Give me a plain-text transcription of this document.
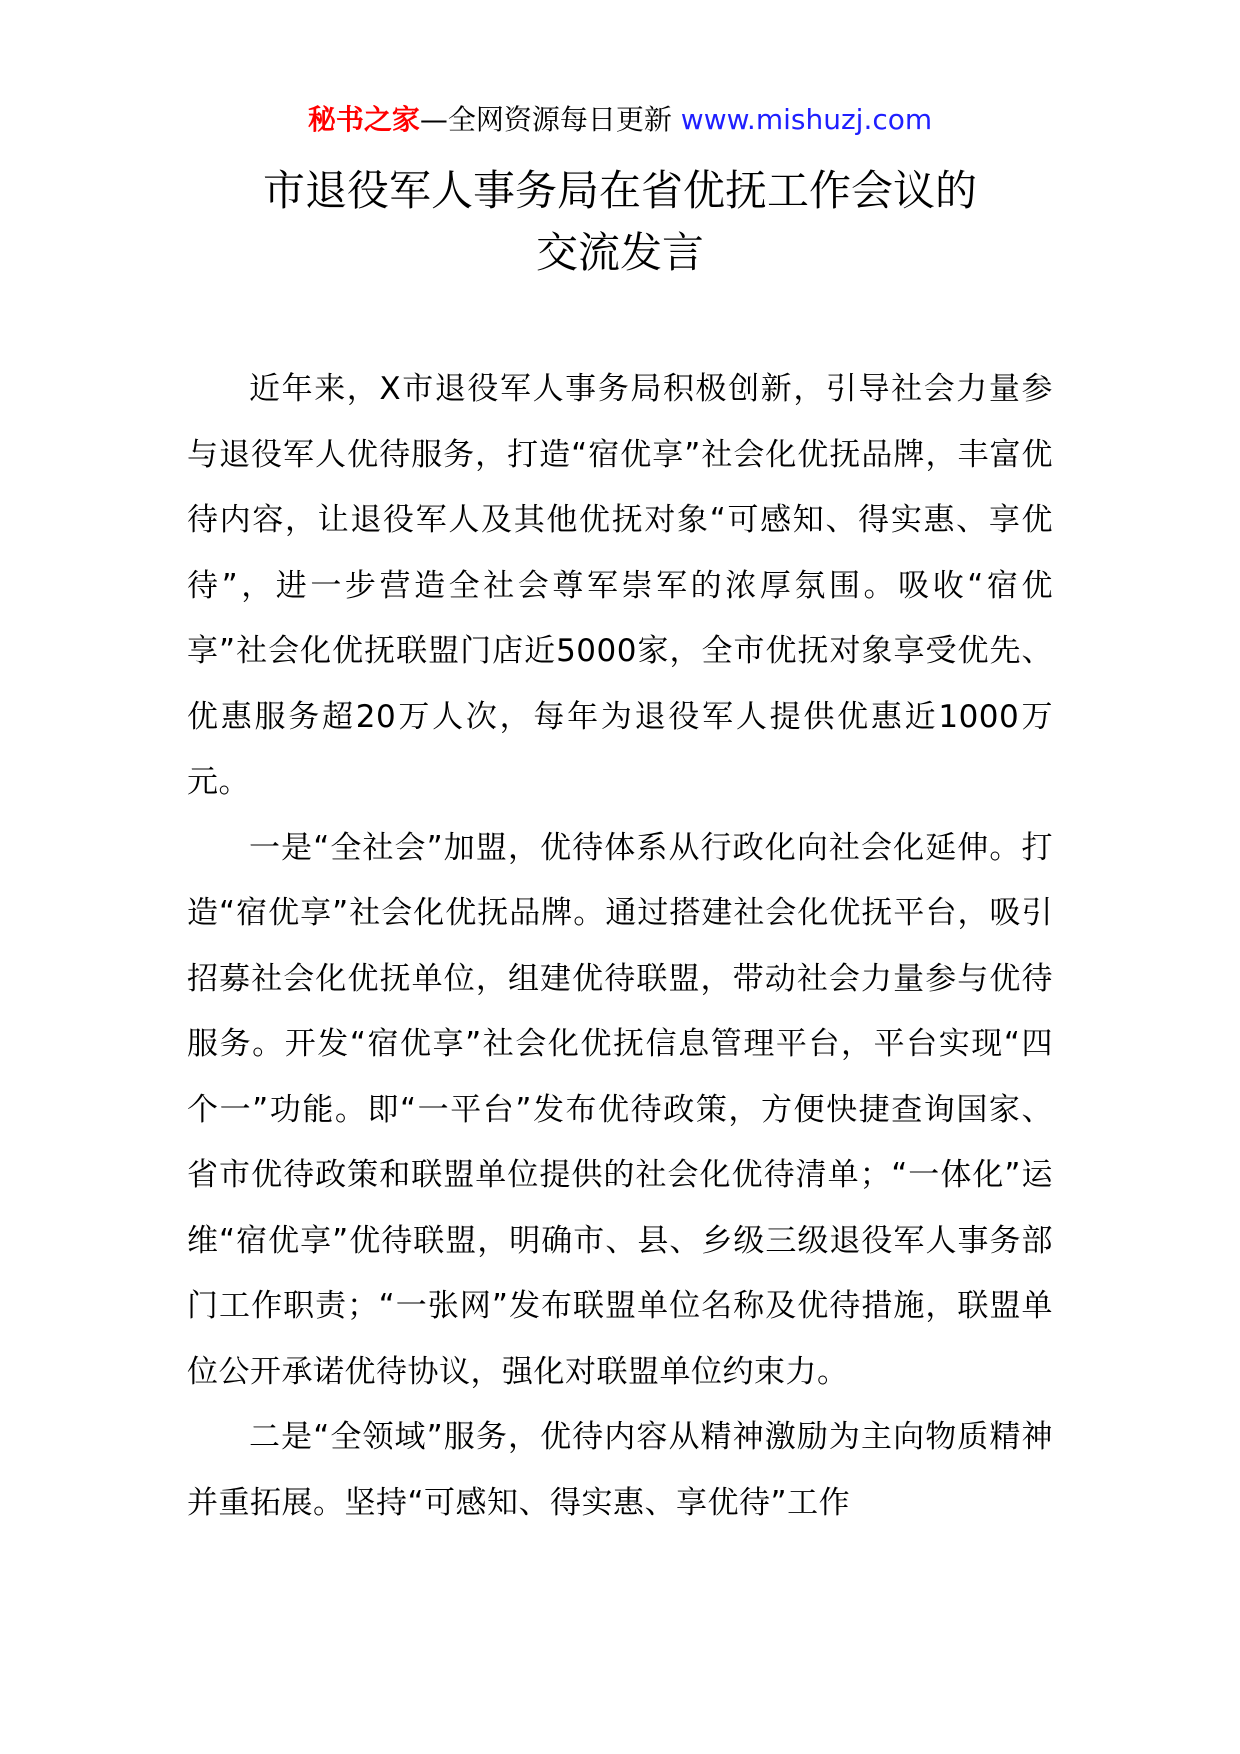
秘书之家—全网资源每日更新 www.mishuzj.com
市退役军人事务局在省优抚工作会议的
交流发言

近年来，X市退役军人事务局积极创新，引导社会力量参与退役军人优待服务，打造“宿优享”社会化优抚品牌，丰富优待内容，让退役军人及其他优抚对象“可感知、得实惠、享优待”，进一步营造全社会尊军崇军的浓厚氛围。吸收“宿优享”社会化优抚联盟门店近5000家，全市优抚对象享受优先、优惠服务超20万人次，每年为退役军人提供优惠近1000万元。

一是“全社会”加盟，优待体系从行政化向社会化延伸。打造“宿优享”社会化优抚品牌。通过搭建社会化优抚平台，吸引招募社会化优抚单位，组建优待联盟，带动社会力量参与优待服务。开发“宿优享”社会化优抚信息管理平台，平台实现“四个一”功能。即“一平台”发布优待政策，方便快捷查询国家、省市优待政策和联盟单位提供的社会化优待清单；“一体化”运维“宿优享”优待联盟，明确市、县、乡级三级退役军人事务部门工作职责；“一张网”发布联盟单位名称及优待措施，联盟单位公开承诺优待协议，强化对联盟单位约束力。

二是“全领域”服务，优待内容从精神激励为主向物质精神并重拓展。坚持“可感知、得实惠、享优待”工作
